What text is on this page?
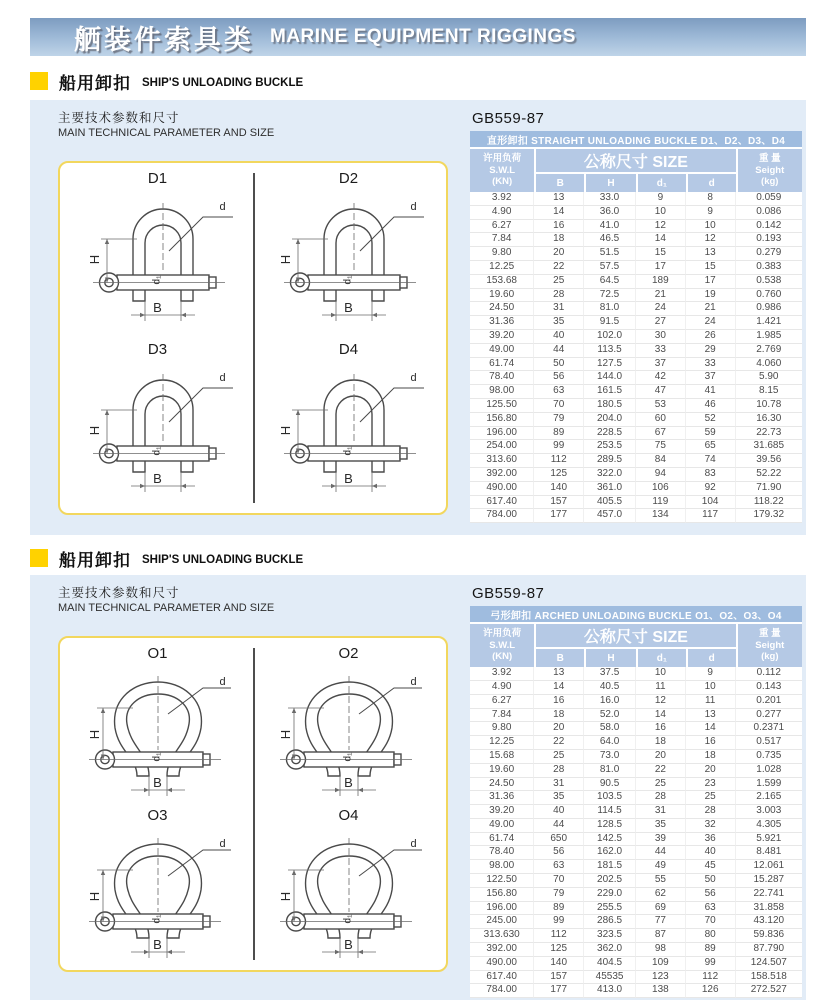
舾装件索具类 MARINE EQUIPMENT RIGGINGS
船用卸扣 SHIP'S UNLOADING BUCKLE
主要技术参数和尺寸
MAIN TECHNICAL PARAMETER AND SIZE
D1
d
H
d₁
B
D2
d
H
d₁
B
D3
d
H
d₁
B
D4
d
H
d₁
B
GB559-87
直形卸扣 STRAIGHT UNLOADING BUCKLE D1、D2、D3、D4					

许用负荷
S.W.L
(KN)	公称尺寸 SIZE				重 量
Seight
(kg)

	B	H	d₁	d	
3.92	13	33.0	9	8	0.059
4.90	14	36.0	10	9	0.086
6.27	16	41.0	12	10	0.142
7.84	18	46.5	14	12	0.193
9.80	20	51.5	15	13	0.279
12.25	22	57.5	17	15	0.383
153.68	25	64.5	189	17	0.538
19.60	28	72.5	21	19	0.760
24.50	31	81.0	24	21	0.986
31.36	35	91.5	27	24	1.421
39.20	40	102.0	30	26	1.985
49.00	44	113.5	33	29	2.769
61.74	50	127.5	37	33	4.060
78.40	56	144.0	42	37	5.90
98.00	63	161.5	47	41	8.15
125.50	70	180.5	53	46	10.78
156.80	79	204.0	60	52	16.30
196.00	89	228.5	67	59	22.73
254.00	99	253.5	75	65	31.685
313.60	112	289.5	84	74	39.56
392.00	125	322.0	94	83	52.22
490.00	140	361.0	106	92	71.90
617.40	157	405.5	119	104	118.22
784.00	177	457.0	134	117	179.32
船用卸扣 SHIP'S UNLOADING BUCKLE
主要技术参数和尺寸
MAIN TECHNICAL PARAMETER AND SIZE
O1
d
H
d₁
B
O2
d
H
d₁
B
O3
d
H
d₁
B
O4
d
H
d₁
B
GB559-87
弓形卸扣 ARCHED UNLOADING BUCKLE O1、O2、O3、O4					

许用负荷
S.W.L
(KN)	公称尺寸 SIZE				重 量
Seight
(kg)

	B	H	d₁	d	
3.92	13	37.5	10	9	0.112
4.90	14	40.5	11	10	0.143
6.27	16	16.0	12	11	0.201
7.84	18	52.0	14	13	0.277
9.80	20	58.0	16	14	0.2371
12.25	22	64.0	18	16	0.517
15.68	25	73.0	20	18	0.735
19.60	28	81.0	22	20	1.028
24.50	31	90.5	25	23	1.599
31.36	35	103.5	28	25	2.165
39.20	40	114.5	31	28	3.003
49.00	44	128.5	35	32	4.305
61.74	650	142.5	39	36	5.921
78.40	56	162.0	44	40	8.481
98.00	63	181.5	49	45	12.061
122.50	70	202.5	55	50	15.287
156.80	79	229.0	62	56	22.741
196.00	89	255.5	69	63	31.858
245.00	99	286.5	77	70	43.120
313.630	112	323.5	87	80	59.836
392.00	125	362.0	98	89	87.790
490.00	140	404.5	109	99	124.507
617.40	157	45535	123	112	158.518
784.00	177	413.0	138	126	272.527
